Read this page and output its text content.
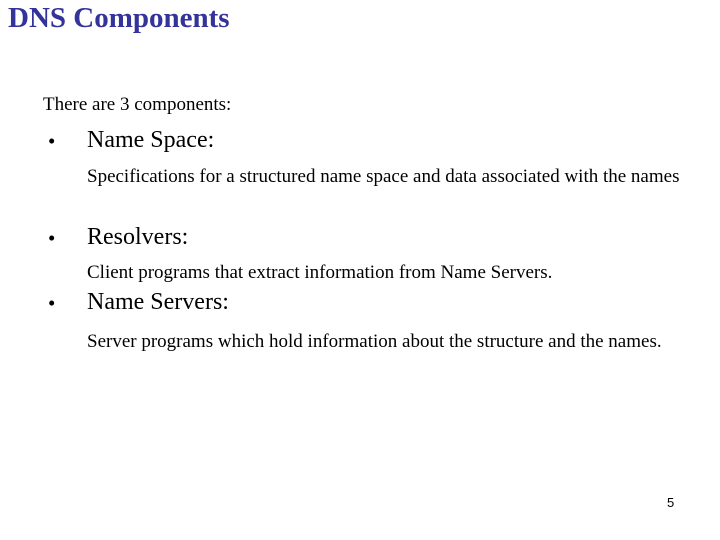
DNS Components
There are 3 components:
• Name Space:
Specifications for a structured name space and data associated with the names
• Resolvers:
Client programs that extract information from Name Servers.
• Name Servers:
Server programs which hold information about the structure and the names.
5
